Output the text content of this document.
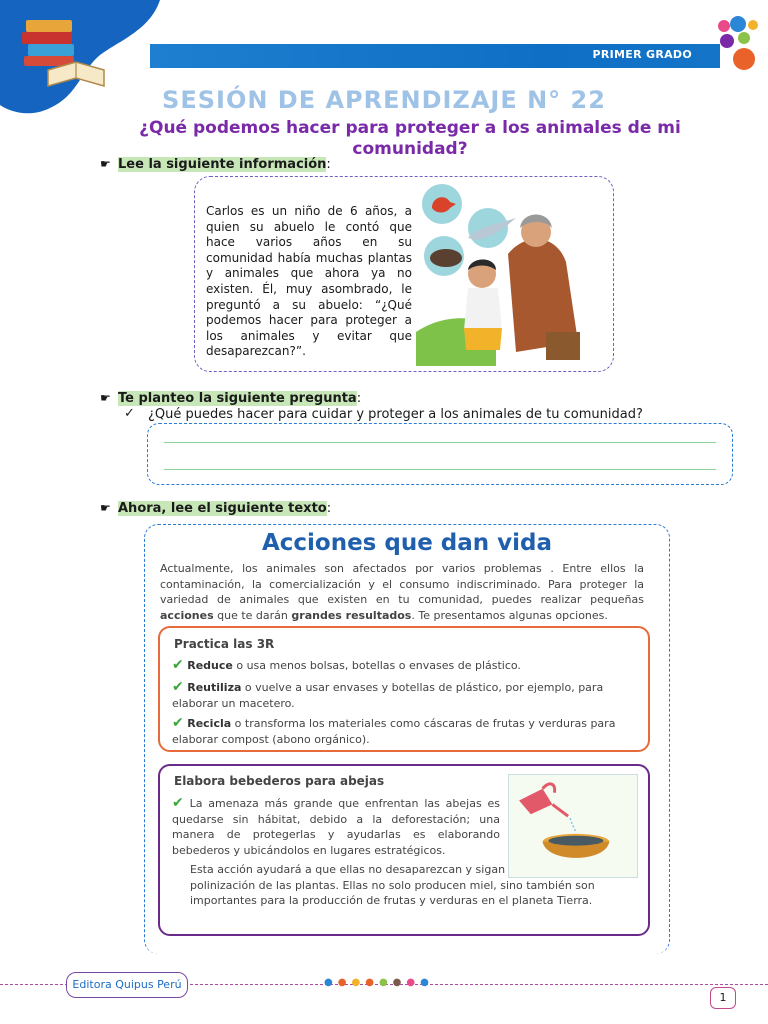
PRIMER GRADO
SESIÓN DE APRENDIZAJE N° 22
¿Qué podemos hacer para proteger a los animales de mi comunidad?
☛ Lee la siguiente información:
Carlos es un niño de 6 años, a quien su abuelo le contó que hace varios años en su comunidad había muchas plantas y animales que ahora ya no existen. Él, muy asombrado, le preguntó a su abuelo: “¿Qué podemos hacer para proteger a los animales y evitar que desaparezcan?”.
☛ Te planteo la siguiente pregunta:
✓ ¿Qué puedes hacer para cuidar y proteger a los animales de tu comunidad?
☛ Ahora, lee el siguiente texto:
Acciones que dan vida
Actualmente, los animales son afectados por varios problemas . Entre ellos la contaminación, la comercialización y el consumo indiscriminado. Para proteger la variedad de animales que existen en tu comunidad, puedes realizar pequeñas acciones que te darán grandes resultados. Te presentamos algunas opciones.
Practica las 3R
✔ Reduce o usa menos bolsas, botellas o envases de plástico.
✔ Reutiliza o vuelve a usar envases y botellas de plástico, por ejemplo, para elaborar un macetero.
✔ Recicla o transforma los materiales como cáscaras de frutas y verduras para elaborar compost (abono orgánico).
Elabora bebederos para abejas
✔ La amenaza más grande que enfrentan las abejas es quedarse sin hábitat, debido a la deforestación; una manera de protegerlas y ayudarlas es elaborando bebederos y ubicándolos en lugares estratégicos.
Esta acción ayudará a que ellas no desaparezcan y sigan encargándose de la polinización de las plantas. Ellas no solo producen miel, sino también son importantes para la producción de frutas y verduras en el planeta Tierra.
Editora Quipus Perú	●●●●●●●●
1
